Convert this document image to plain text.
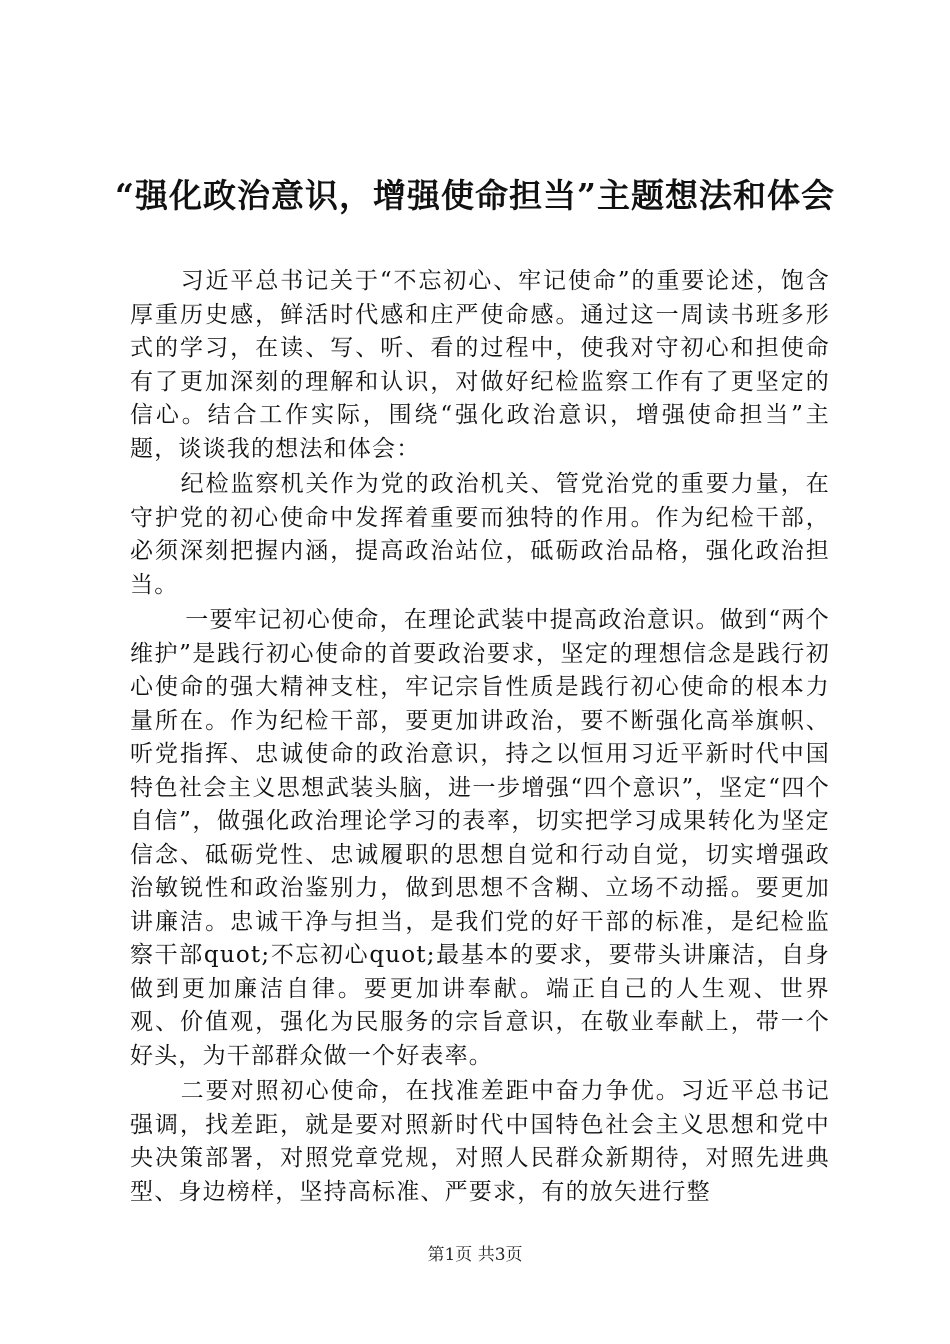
“强化政治意识，增强使命担当”主题想法和体会

习近平总书记关于“不忘初心、牢记使命”的重要论述，饱含厚重历史感，鲜活时代感和庄严使命感。通过这一周读书班多形式的学习，在读、写、听、看的过程中，使我对守初心和担使命有了更加深刻的理解和认识，对做好纪检监察工作有了更坚定的信心。结合工作实际，围绕“强化政治意识，增强使命担当”主题，谈谈我的想法和体会：

纪检监察机关作为党的政治机关、管党治党的重要力量，在守护党的初心使命中发挥着重要而独特的作用。作为纪检干部，必须深刻把握内涵，提高政治站位，砥砺政治品格，强化政治担当。

一要牢记初心使命，在理论武装中提高政治意识。做到“两个维护”是践行初心使命的首要政治要求，坚定的理想信念是践行初心使命的强大精神支柱，牢记宗旨性质是践行初心使命的根本力量所在。作为纪检干部，要更加讲政治，要不断强化高举旗帜、听党指挥、忠诚使命的政治意识，持之以恒用习近平新时代中国特色社会主义思想武装头脑，进一步增强“四个意识”，坚定“四个自信”，做强化政治理论学习的表率，切实把学习成果转化为坚定信念、砥砺党性、忠诚履职的思想自觉和行动自觉，切实增强政治敏锐性和政治鉴别力，做到思想不含糊、立场不动摇。要更加讲廉洁。忠诚干净与担当，是我们党的好干部的标准，是纪检监察干部quot;不忘初心quot;最基本的要求，要带头讲廉洁，自身做到更加廉洁自律。要更加讲奉献。端正自己的人生观、世界观、价值观，强化为民服务的宗旨意识，在敬业奉献上，带一个好头，为干部群众做一个好表率。

二要对照初心使命，在找准差距中奋力争优。习近平总书记强调，找差距，就是要对照新时代中国特色社会主义思想和党中央决策部署，对照党章党规，对照人民群众新期待，对照先进典型、身边榜样，坚持高标准、严要求，有的放矢进行整

第1页 共3页
